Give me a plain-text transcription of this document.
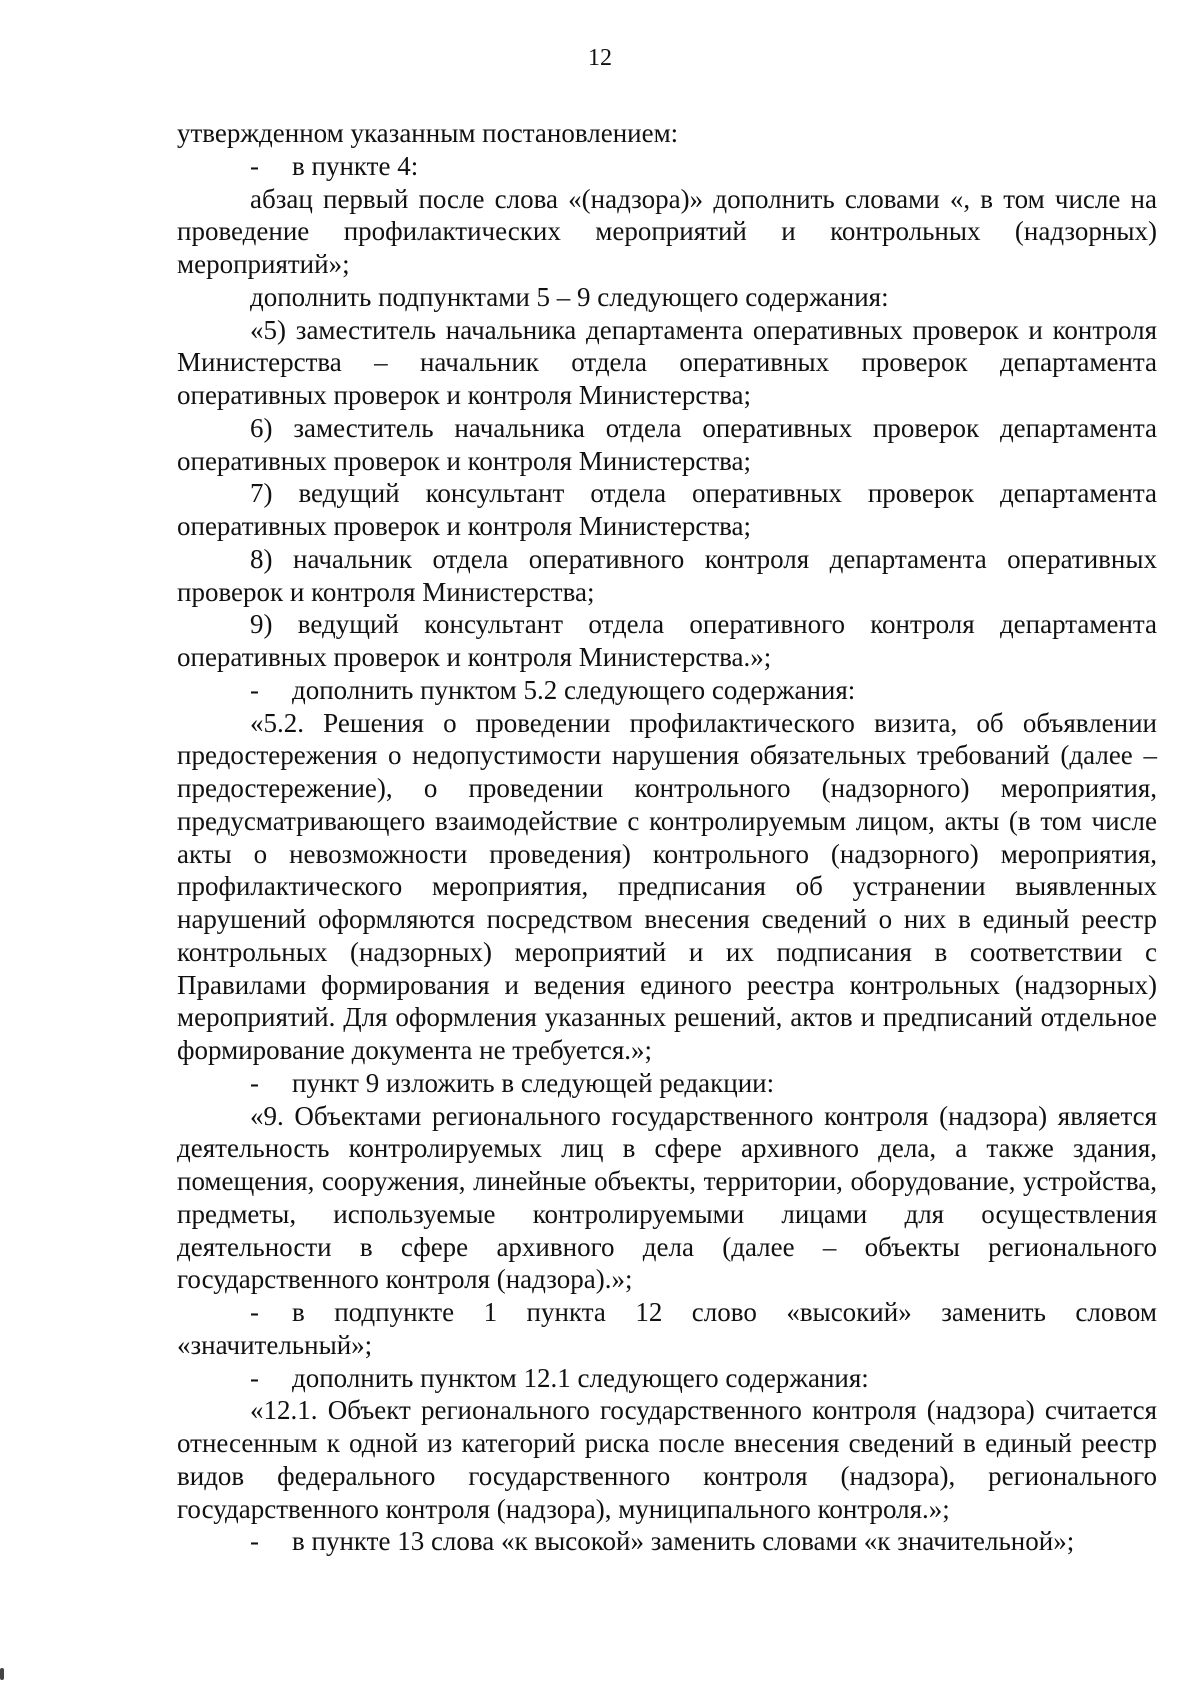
12

утвержденном указанным постановлением:

- в пункте 4:

абзац первый после слова «(надзора)» дополнить словами «, в том числе на проведение профилактических мероприятий и контрольных (надзорных) мероприятий»;

дополнить подпунктами 5 – 9 следующего содержания:

«5) заместитель начальника департамента оперативных проверок и контроля Министерства – начальник отдела оперативных проверок департамента оперативных проверок и контроля Министерства;

6) заместитель начальника отдела оперативных проверок департамента оперативных проверок и контроля Министерства;

7) ведущий консультант отдела оперативных проверок департамента оперативных проверок и контроля Министерства;

8) начальник отдела оперативного контроля департамента оперативных проверок и контроля Министерства;

9) ведущий консультант отдела оперативного контроля департамента оперативных проверок и контроля Министерства.»;

- дополнить пунктом 5.2 следующего содержания:

«5.2. Решения о проведении профилактического визита, об объявлении предостережения о недопустимости нарушения обязательных требований (далее – предостережение), о проведении контрольного (надзорного) мероприятия, предусматривающего взаимодействие с контролируемым лицом, акты (в том числе акты о невозможности проведения) контрольного (надзорного) мероприятия, профилактического мероприятия, предписания об устранении выявленных нарушений оформляются посредством внесения сведений о них в единый реестр контрольных (надзорных) мероприятий и их подписания в соответствии с Правилами формирования и ведения единого реестра контрольных (надзорных) мероприятий. Для оформления указанных решений, актов и предписаний отдельное формирование документа не требуется.»;

- пункт 9 изложить в следующей редакции:

«9. Объектами регионального государственного контроля (надзора) является деятельность контролируемых лиц в сфере архивного дела, а также здания, помещения, сооружения, линейные объекты, территории, оборудование, устройства, предметы, используемые контролируемыми лицами для осуществления деятельности в сфере архивного дела (далее – объекты регионального государственного контроля (надзора).»;

- в подпункте 1 пункта 12 слово «высокий» заменить словом «значительный»;

- дополнить пунктом 12.1 следующего содержания:

«12.1. Объект регионального государственного контроля (надзора) считается отнесенным к одной из категорий риска после внесения сведений в единый реестр видов федерального государственного контроля (надзора), регионального государственного контроля (надзора), муниципального контроля.»;

- в пункте 13 слова «к высокой» заменить словами «к значительной»;
